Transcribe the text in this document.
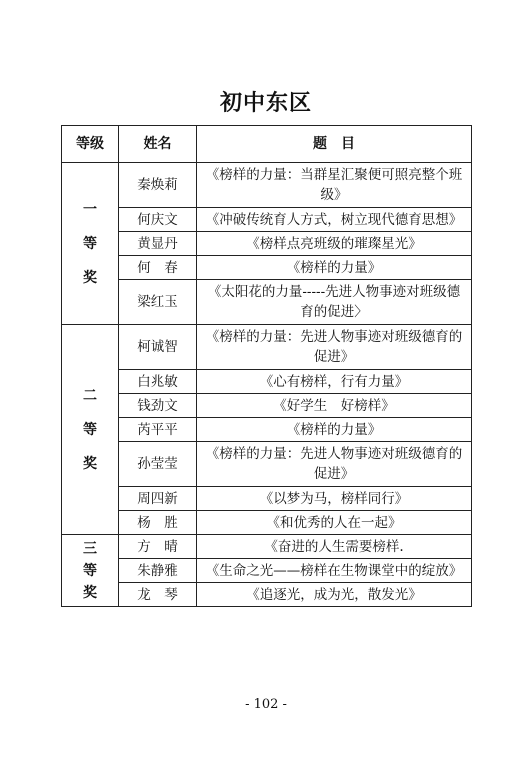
初中东区
等级	姓名	题　目
一
等
奖	秦焕莉	《榜样的力量：当群星汇聚便可照亮整个班级》
	何庆文	《冲破传统育人方式，树立现代德育思想》
	黄显丹	《榜样点亮班级的璀璨星光》
	何　春	《榜样的力量》
	梁红玉	《太阳花的力量-----先进人物事迹对班级德育的促进〉
二
等
奖	柯诚智	《榜样的力量：先进人物事迹对班级德育的促进》
	白兆敏	《心有榜样，行有力量》
	钱劲文	《好学生　好榜样》
	芮平平	《榜样的力量》
	孙莹莹	《榜样的力量：先进人物事迹对班级德育的促进》
	周四新	《以梦为马，榜样同行》
	杨　胜	《和优秀的人在一起》
三
等
奖	方　晴	《奋进的人生需要榜样.
	朱静雅	《生命之光——榜样在生物课堂中的绽放》
	龙　琴	《追逐光，成为光，散发光》
- 102 -
